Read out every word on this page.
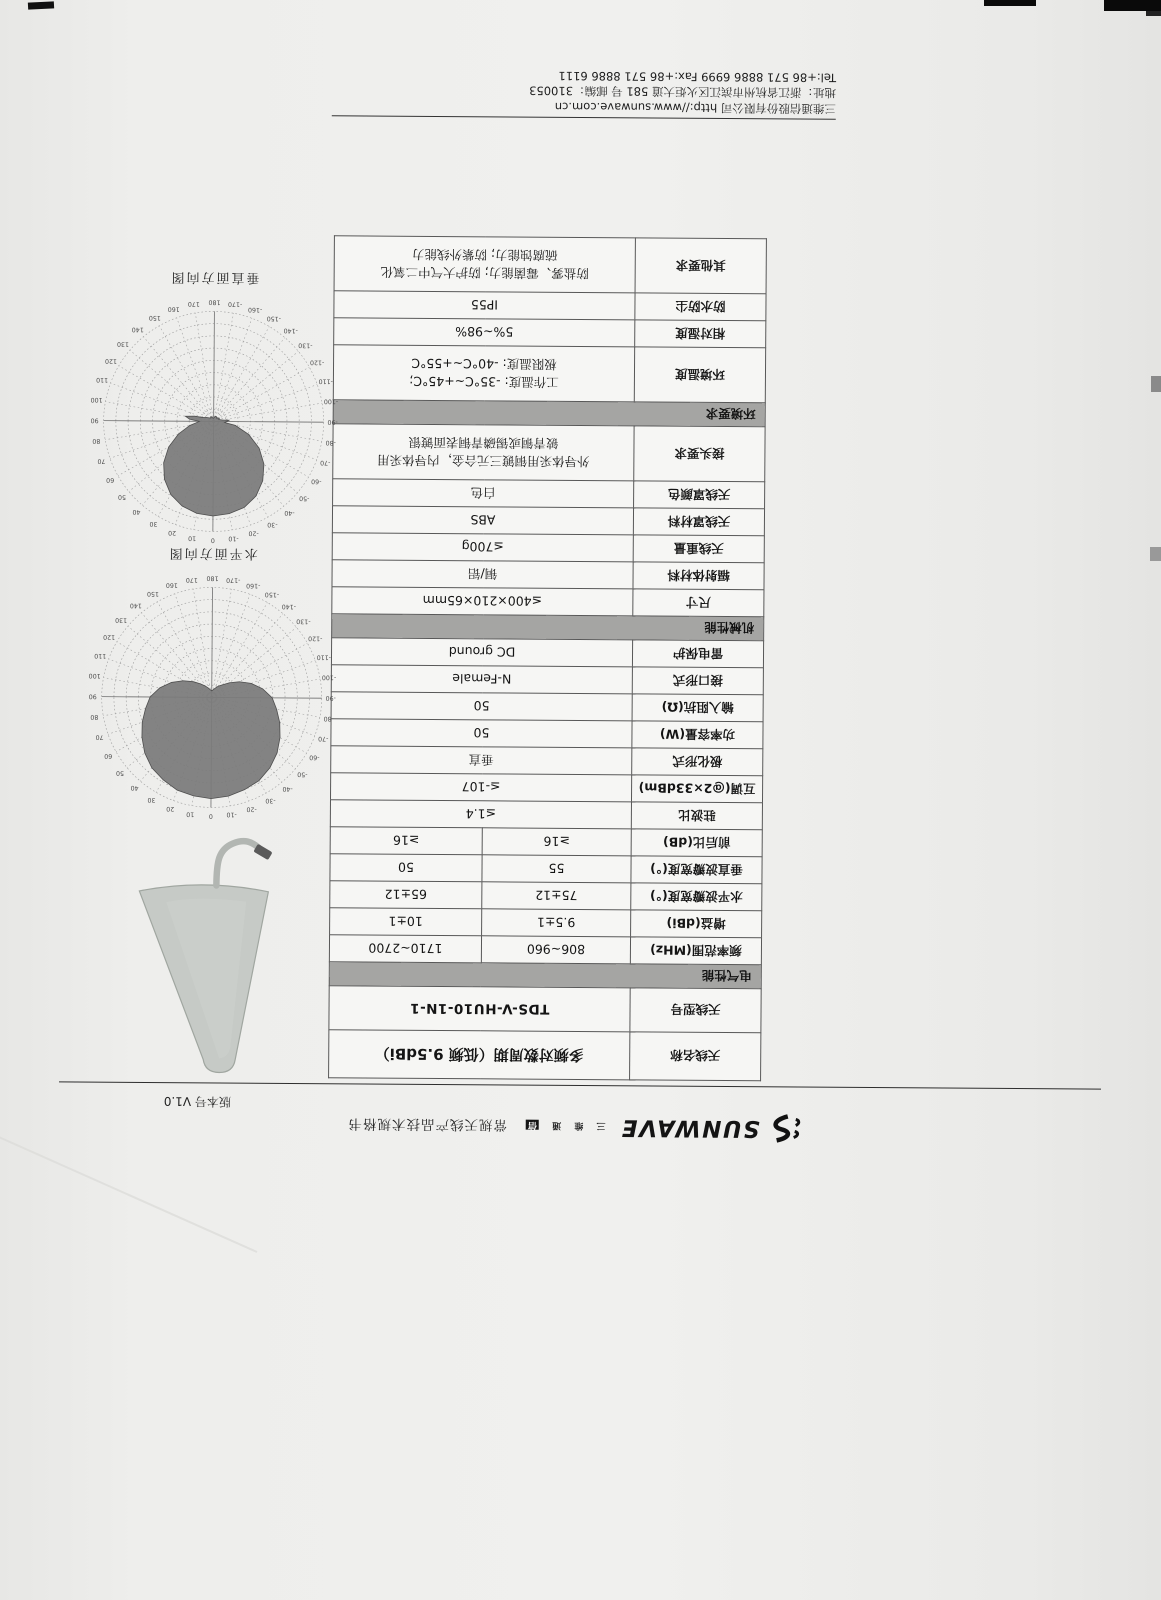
SUNWAVE
三 维 通 信
常规天线产品技术规格书
版本号 V1.0
天线名称	多频对数周期（低频 9.5dBi）	
天线型号	TDS-V-HU10-1N-1	
电气性能		
频率范围(MHz)	806~960	1710~2700
增益(dBi)	9.5±1	10±1
水平波瓣宽度(°)	75±12	65±12
垂直波瓣宽度(°)	55	50
前后比(dB)	≥16	≥16
驻波比	≤1.4	
互调(@2×33dBm)	≤-107	
极化形式	垂直	
功率容量(W)	50	
输入阻抗(Ω)	50	
接口形式	N-Female	
雷电保护	DC ground	
机械性能		
尺寸	≤400×210×65mm	
辐射体材料	铜/铝	
天线重量	≤700g	
天线罩材料	ABS	
天线罩颜色	白色	
接头要求	外导体采用铜镀三元合金，内导体采用
铍青铜或锡磷青铜表面镀银	
环境要求		
环境温度	工作温度: -35°C~+45°C;
极限温度: -40°C~+55°C	
相对湿度	5%~98%	
防水防尘	IP55	
其他要求	防盐雾、霉菌能力; 防护大气中二氧化
硫腐蚀能力; 防紫外线能力	
-170
-160
-150
-140
-130
-120
-110
-100
-90
-80
-70
-60
-50
-40
-30
-20
-10
0
10
20
30
40
50
60
70
80
90
100
110
120
130
140
150
160
170 180
水平面方向图
-170
-160
-150
-140
-130
-120
-110
-100
-90
-80
-70
-60
-50
-40
-30
-20
-10
0
10
20
30
40
50
60
70
80
90
100
110
120
130
140
150
160
170 180
垂直面方向图
三维通信股份有限公司 http://www.sunwave.com.cn
地址：浙江省杭州市滨江区火炬大道 581 号 邮编：310053
Tel:+86 571 8886 6999 Fax:+86 571 8886 6111
